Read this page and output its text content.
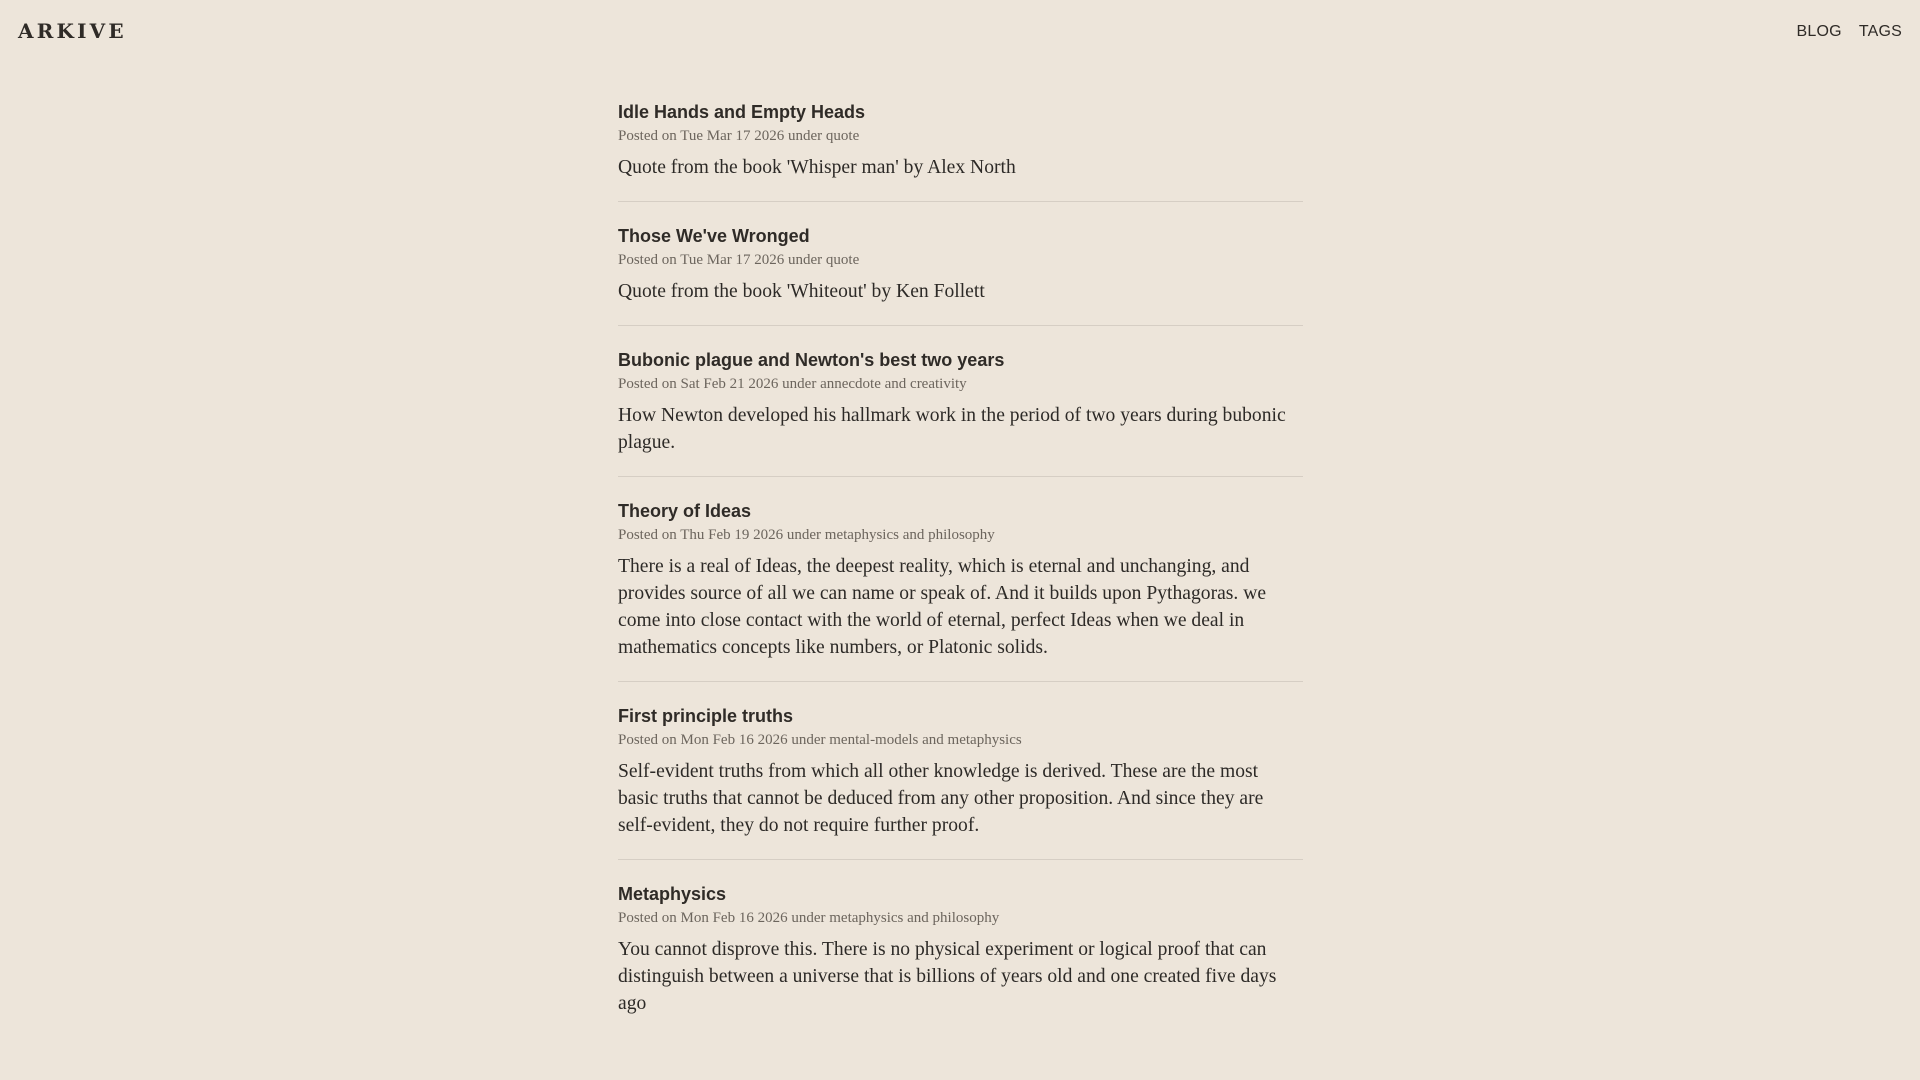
ARKIVE	BLOG TAGS
Idle Hands and Empty Heads
Posted on Tue Mar 17 2026 under quote

Quote from the book 'Whisper man' by Alex North

Those We've Wronged
Posted on Tue Mar 17 2026 under quote

Quote from the book 'Whiteout' by Ken Follett

Bubonic plague and Newton's best two years
Posted on Sat Feb 21 2026 under annecdote and creativity

How Newton developed his hallmark work in the period of two years during bubonic plague.

Theory of Ideas
Posted on Thu Feb 19 2026 under metaphysics and philosophy

There is a real of Ideas, the deepest reality, which is eternal and unchanging, and provides source of all we can name or speak of. And it builds upon Pythagoras. we come into close contact with the world of eternal, perfect Ideas when we deal in mathematics concepts like numbers, or Platonic solids.

First principle truths
Posted on Mon Feb 16 2026 under mental-models and metaphysics

Self-evident truths from which all other knowledge is derived. These are the most basic truths that cannot be deduced from any other proposition. And since they are self-evident, they do not require further proof.

Metaphysics
Posted on Mon Feb 16 2026 under metaphysics and philosophy

You cannot disprove this. There is no physical experiment or logical proof that can distinguish between a universe that is billions of years old and one created five days ago
